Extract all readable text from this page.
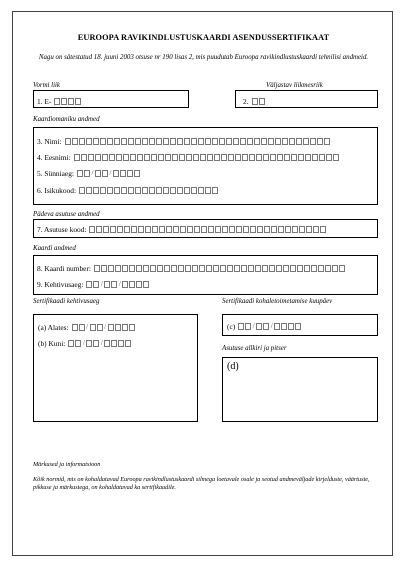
EUROOPA RAVIKINDLUSTUSKAARDI ASENDUSSERTIFIKAAT
Nagu on sätestatud 18. juuni 2003 otsuse nr 190 lisas 2, mis puudutab Euroopa ravikindlustuskaardi tehnilisi andmeid.
Vormi liik	Väljastav liikmesriik
1. E-	2.
Kaardiomaniku andmed
3. Nimi:
4. Eesnimi:
5. Sünniaeg:	/ /
6. Isikukood:
Pädeva asutuse andmed
7. Asutuse kood:
Kaardi andmed
8. Kaardi number:
9. Kehtivusaeg:	/ /
Sertifikaadi kehtivusaeg
(a) Alates:	/ /
(b) Kuni:	/ /
Sertifikaadi kohaletoimetamise kuupäev
(c)	/ /
Asutuse allkiri ja pitser
(d)
Märkused ja informatsioon
Kõik normid, mis on kohaldatavad Euroopa ravikindlustuskaardi silmega loetavale osale ja seotud andmeväljade kirjelduste, väärtuste, pikkuse ja märkustega, on kohaldatavad ka sertifikaadile.
